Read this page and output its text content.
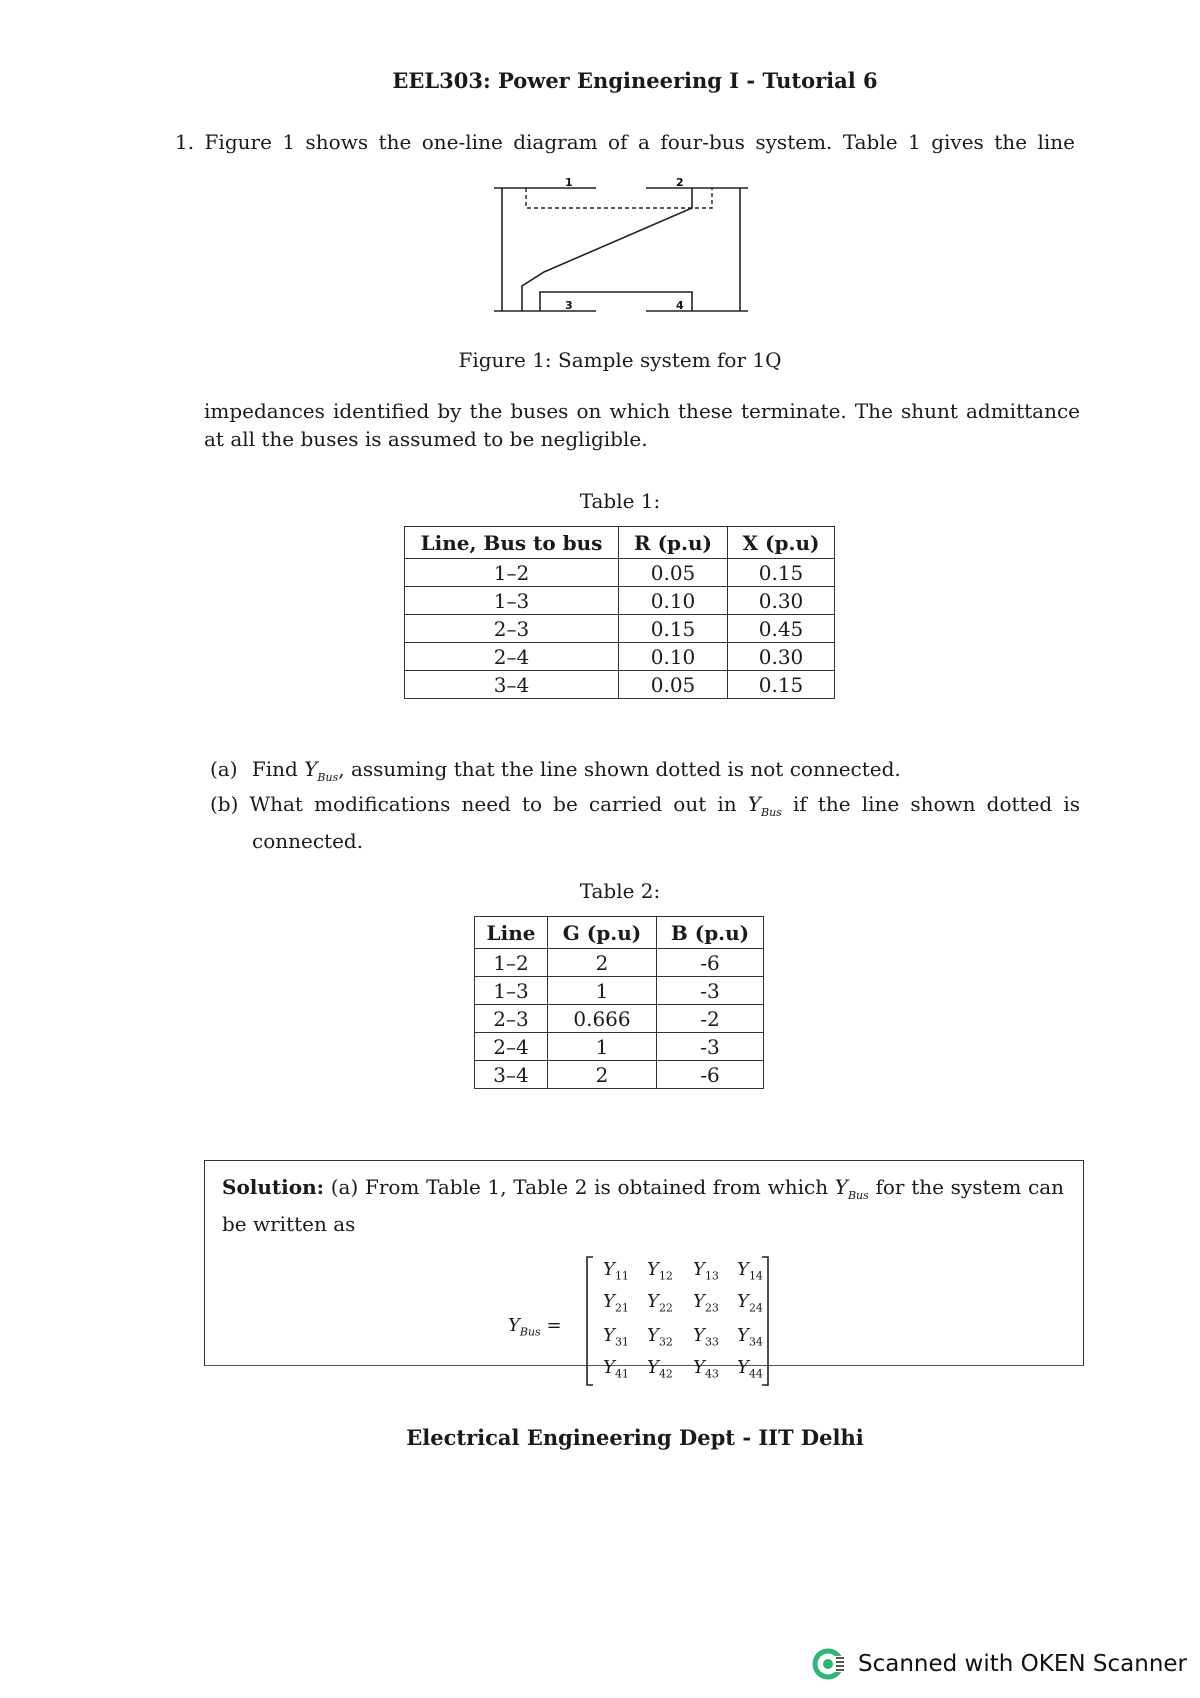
EEL303: Power Engineering I - Tutorial 6
1. Figure 1 shows the one-line diagram of a four-bus system. Table 1 gives the line
1	2
3	4
Figure 1: Sample system for 1Q
impedances identified by the buses on which these terminate. The shunt admittance
at all the buses is assumed to be negligible.
Table 1:
Line, Bus to bus	R (p.u)	X (p.u)
1–2	0.05	0.15
1–3	0.10	0.30
2–3	0.15	0.45
2–4	0.10	0.30
3–4	0.05	0.15
(a) Find $Y_{Bus}$, assuming that the line shown dotted is not connected.
(b) What modifications need to be carried out in $Y_{Bus}$ if the line shown dotted is
connected.
Table 2:
Line	G (p.u)	B (p.u)
1–2	2	-6
1–3	1	-3
2–3	0.666	-2
2–4	1	-3
3–4	2	-6
Solution: (a) From Table 1, Table 2 is obtained from which $Y_{Bus}$ for the system can be written as
$Y_{Bus}$ =
$Y_{11}$	$Y_{12}$	$Y_{13}$	$Y_{14}$
$Y_{21}$	$Y_{22}$	$Y_{23}$	$Y_{24}$
$Y_{31}$	$Y_{32}$	$Y_{33}$	$Y_{34}$
$Y_{41}$	$Y_{42}$	$Y_{43}$	$Y_{44}$
Electrical Engineering Dept - IIT Delhi
Scanned with OKEN Scanner
